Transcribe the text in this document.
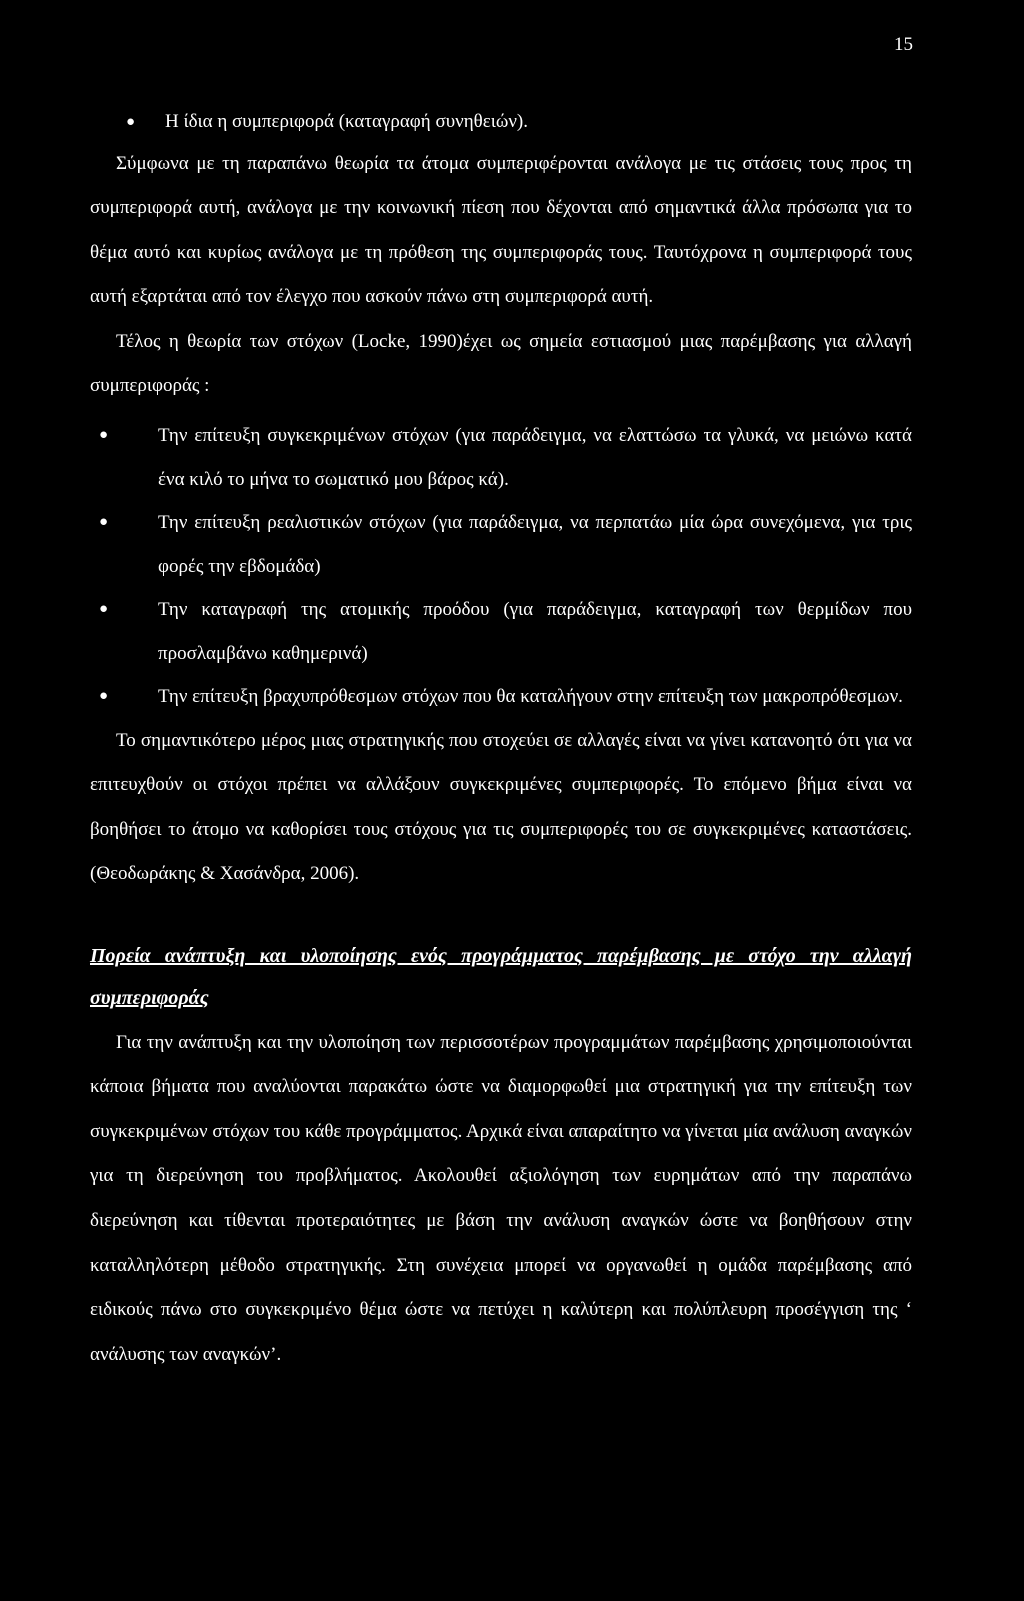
15
● Η ίδια η συμπεριφορά (καταγραφή συνηθειών).

Σύμφωνα με τη παραπάνω θεωρία τα άτομα συμπεριφέρονται ανάλογα με τις στάσεις τους προς τη συμπεριφορά αυτή, ανάλογα με την κοινωνική πίεση που δέχονται από σημαντικά άλλα πρόσωπα για το θέμα αυτό και κυρίως ανάλογα με τη πρόθεση της συμπεριφοράς τους. Ταυτόχρονα η συμπεριφορά τους αυτή εξαρτάται από τον έλεγχο που ασκούν πάνω στη συμπεριφορά αυτή.

Τέλος η θεωρία των στόχων (Locke, 1990)έχει ως σημεία εστιασμού μιας παρέμβασης για αλλαγή συμπεριφοράς :

●	Την επίτευξη συγκεκριμένων στόχων (για παράδειγμα, να ελαττώσω τα γλυκά, να μειώνω κατά ένα κιλό το μήνα το σωματικό μου βάρος κά).
●	Την επίτευξη ρεαλιστικών στόχων (για παράδειγμα, να περπατάω μία ώρα συνεχόμενα, για τρις φορές την εβδομάδα)
●	Την καταγραφή της ατομικής προόδου (για παράδειγμα, καταγραφή των θερμίδων που προσλαμβάνω καθημερινά)
●	Την επίτευξη βραχυπρόθεσμων στόχων που θα καταλήγουν στην επίτευξη των μακροπρόθεσμων.

Το σημαντικότερο μέρος μιας στρατηγικής που στοχεύει σε αλλαγές είναι να γίνει κατανοητό ότι για να επιτευχθούν οι στόχοι πρέπει να αλλάξουν συγκεκριμένες συμπεριφορές. Το επόμενο βήμα είναι να βοηθήσει το άτομο να καθορίσει τους στόχους για τις συμπεριφορές του σε συγκεκριμένες καταστάσεις. (Θεοδωράκης & Χασάνδρα, 2006).

Πορεία ανάπτυξη και υλοποίησης ενός προγράμματος παρέμβασης με στόχο την αλλαγή συμπεριφοράς

Για την ανάπτυξη και την υλοποίηση των περισσοτέρων προγραμμάτων παρέμβασης χρησιμοποιούνται κάποια βήματα που αναλύονται παρακάτω ώστε να διαμορφωθεί μια στρατηγική για την επίτευξη των συγκεκριμένων στόχων του κάθε προγράμματος. Αρχικά είναι απαραίτητο να γίνεται μία ανάλυση αναγκών για τη διερεύνηση του προβλήματος. Ακολουθεί αξιολόγηση των ευρημάτων από την παραπάνω διερεύνηση και τίθενται προτεραιότητες με βάση την ανάλυση αναγκών ώστε να βοηθήσουν στην καταλληλότερη μέθοδο στρατηγικής. Στη συνέχεια μπορεί να οργανωθεί η ομάδα παρέμβασης από ειδικούς πάνω στο συγκεκριμένο θέμα ώστε να πετύχει η καλύτερη και πολύπλευρη προσέγγιση της ‘ ανάλυσης των αναγκών’.
